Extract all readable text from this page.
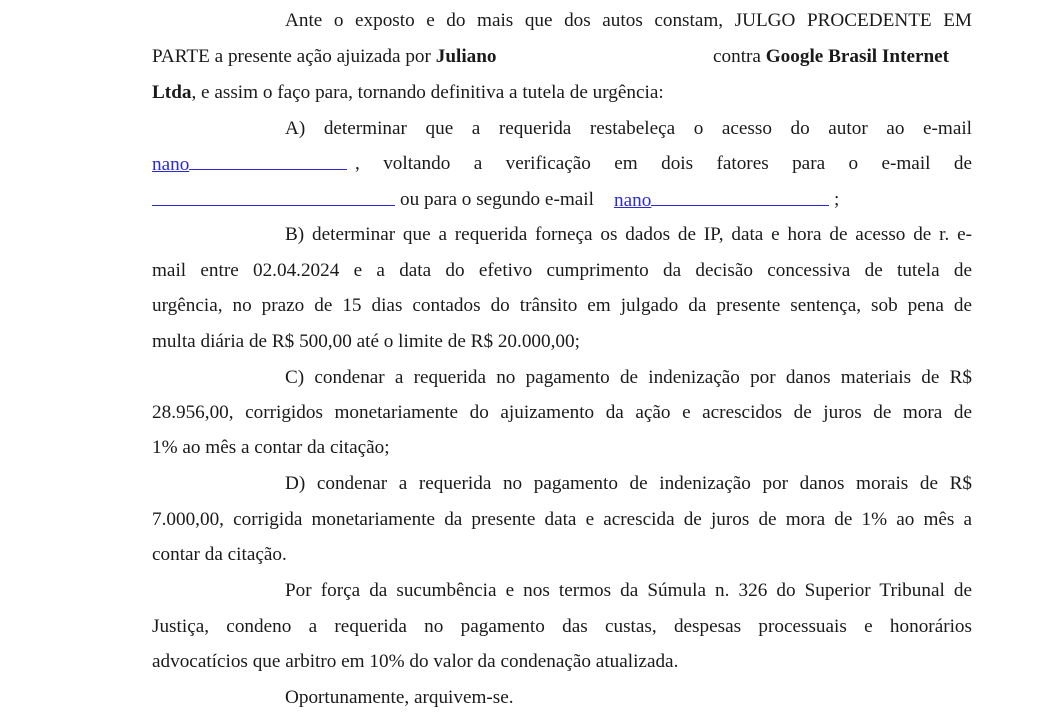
Ante o exposto e do mais que dos autos constam, JULGO PROCEDENTE EM
PARTE a presente ação ajuizada por Juliano	contra Google Brasil Internet
Ltda, e assim o faço para, tornando definitiva a tutela de urgência:
A) determinar que a requerida restabeleça o acesso do autor ao e-mail
nano	, voltando a verificação em dois fatores para o e-mail de
ou para o segundo e-mail nano	;
B) determinar que a requerida forneça os dados de IP, data e hora de acesso de r. e-
mail entre 02.04.2024 e a data do efetivo cumprimento da decisão concessiva de tutela de
urgência, no prazo de 15 dias contados do trânsito em julgado da presente sentença, sob pena de
multa diária de R$ 500,00 até o limite de R$ 20.000,00;
C) condenar a requerida no pagamento de indenização por danos materiais de R$
28.956,00, corrigidos monetariamente do ajuizamento da ação e acrescidos de juros de mora de
1% ao mês a contar da citação;
D) condenar a requerida no pagamento de indenização por danos morais de R$
7.000,00, corrigida monetariamente da presente data e acrescida de juros de mora de 1% ao mês a
contar da citação.
Por força da sucumbência e nos termos da Súmula n. 326 do Superior Tribunal de
Justiça, condeno a requerida no pagamento das custas, despesas processuais e honorários
advocatícios que arbitro em 10% do valor da condenação atualizada.
Oportunamente, arquivem-se.
